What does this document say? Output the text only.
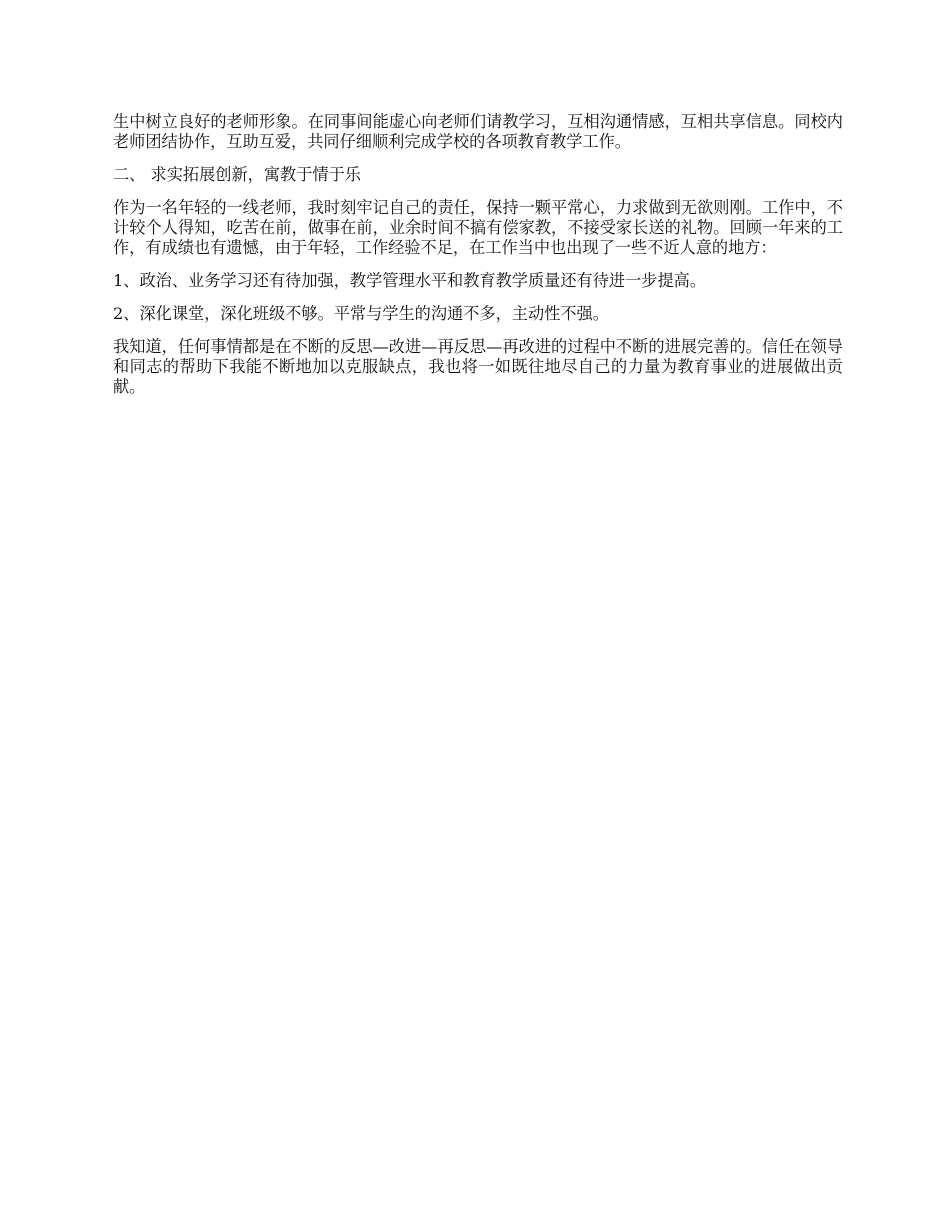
生中树立良好的老师形象。在同事间能虚心向老师们请教学习，互相沟通情感，互相共享信息。同校内老师团结协作，互助互爱，共同仔细顺利完成学校的各项教育教学工作。

二、 求实拓展创新，寓教于情于乐

作为一名年轻的一线老师，我时刻牢记自己的责任，保持一颗平常心，力求做到无欲则刚。工作中，不计较个人得知，吃苦在前，做事在前，业余时间不搞有偿家教，不接受家长送的礼物。回顾一年来的工作，有成绩也有遗憾，由于年轻，工作经验不足，在工作当中也出现了一些不近人意的地方：

1、政治、业务学习还有待加强，教学管理水平和教育教学质量还有待进一步提高。

2、深化课堂，深化班级不够。平常与学生的沟通不多，主动性不强。

我知道，任何事情都是在不断的反思—改进—再反思—再改进的过程中不断的进展完善的。信任在领导和同志的帮助下我能不断地加以克服缺点，我也将一如既往地尽自己的力量为教育事业的进展做出贡献。
